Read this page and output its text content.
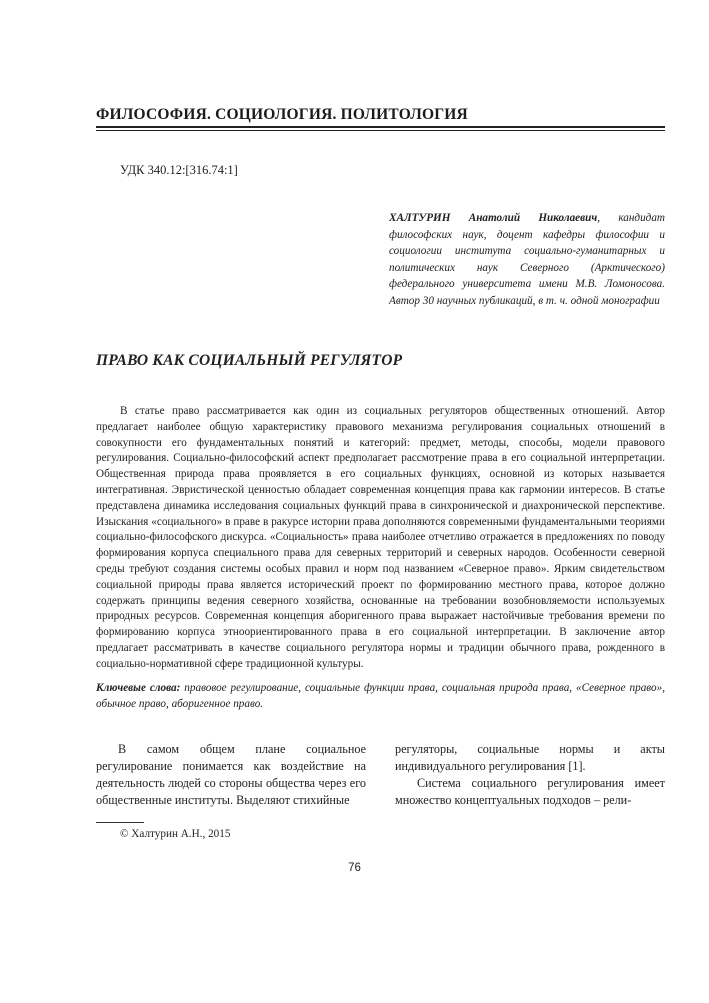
ФИЛОСОФИЯ. СОЦИОЛОГИЯ. ПОЛИТОЛОГИЯ
УДК 340.12:[316.74:1]
ХАЛТУРИН Анатолий Николаевич, кандидат философских наук, доцент кафедры философии и социологии института социально-гуманитарных и политических наук Северного (Арктического) федерального университета имени М.В. Ломоносова. Автор 30 научных публикаций, в т. ч. одной монографии
ПРАВО КАК СОЦИАЛЬНЫЙ РЕГУЛЯТОР

В статье право рассматривается как один из социальных регуляторов общественных отношений. Автор предлагает наиболее общую характеристику правового механизма регулирования социальных отношений в совокупности его фундаментальных понятий и категорий: предмет, методы, способы, модели правового регулирования. Социально-философский аспект предполагает рассмотрение права в его социальной интерпретации. Общественная природа права проявляется в его социальных функциях, основной из которых называется интегративная. Эвристической ценностью обладает современная концепция права как гармонии интересов. В статье представлена динамика исследования социальных функций права в синхронической и диахронической перспективе. Изыскания «социального» в праве в ракурсе истории права дополняются современными фундаментальными теориями социально-философского дискурса. «Социальность» права наиболее отчетливо отражается в предложениях по поводу формирования корпуса специального права для северных территорий и северных народов. Особенности северной среды требуют создания системы особых правил и норм под названием «Северное право». Ярким свидетельством социальной природы права является исторический проект по формированию местного права, которое должно содержать принципы ведения северного хозяйства, основанные на требовании возобновляемости используемых природных ресурсов. Современная концепция аборигенного права выражает настойчивые требования времени по формированию корпуса этноориентированного права в его социальной интерпретации. В заключение автор предлагает рассматривать в качестве социального регулятора нормы и традиции обычного права, рожденного в социально-нормативной сфере традиционной культуры.

Ключевые слова: правовое регулирование, социальные функции права, социальная природа права, «Северное право», обычное право, аборигенное право.

В самом общем плане социальное регулирование понимается как воздействие на деятельность людей со стороны общества через его общественные институты. Выделяют стихийные

регуляторы, социальные нормы и акты индивидуального регулирования [1].
Система социального регулирования имеет множество концептуальных подходов – рели-
© Халтурин А.Н., 2015
76
